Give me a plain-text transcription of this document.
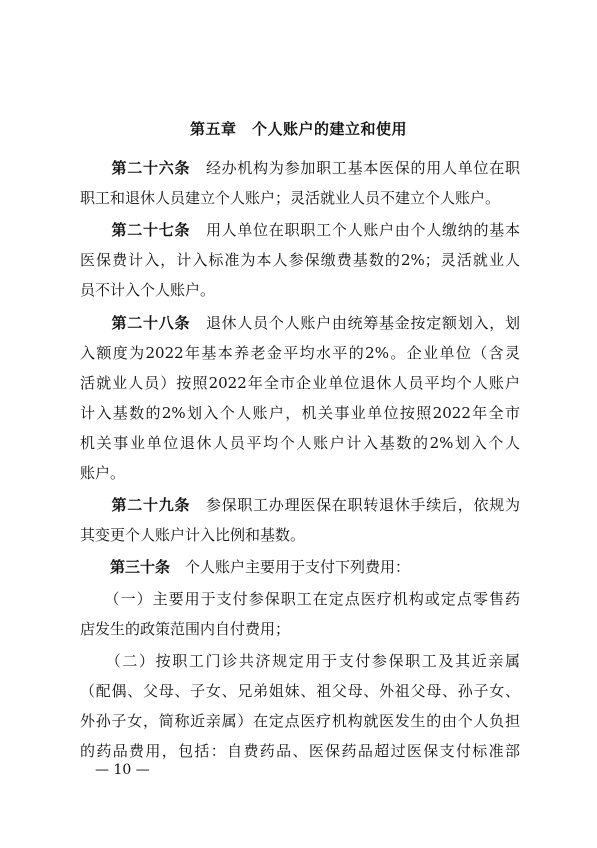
第五章　个人账户的建立和使用
　　第二十六条　 经办机构为参加职工基本医保的用人单位在职
职工和退休人员建立个人账户；灵活就业人员不建立个人账户。
　　第二十七条　 用人单位在职职工个人账户由个人缴纳的基本
医保费计入，计入标准为本人参保缴费基数的2%；灵活就业人
员不计入个人账户。
　　第二十八条　 退休人员个人账户由统筹基金按定额划入，划
入额度为2022年基本养老金平均水平的2%。企业单位（含灵
活就业人员）按照2022年全市企业单位退休人员平均个人账户
计入基数的2%划入个人账户，机关事业单位按照2022年全市
机关事业单位退休人员平均个人账户计入基数的2%划入个人
账户。
　　第二十九条　 参保职工办理医保在职转退休手续后，依规为
其变更个人账户计入比例和基数。
　　第三十条　 个人账户主要用于支付下列费用：
　　（一）主要用于支付参保职工在定点医疗机构或定点零售药
店发生的政策范围内自付费用；
　　（二）按职工门诊共济规定用于支付参保职工及其近亲属
（配偶、父母、子女、兄弟姐妹、祖父母、外祖父母、孙子女、
外孙子女，简称近亲属）在定点医疗机构就医发生的由个人负担
的药品费用，包括：自费药品、医保药品超过医保支付标准部
— 10 —
